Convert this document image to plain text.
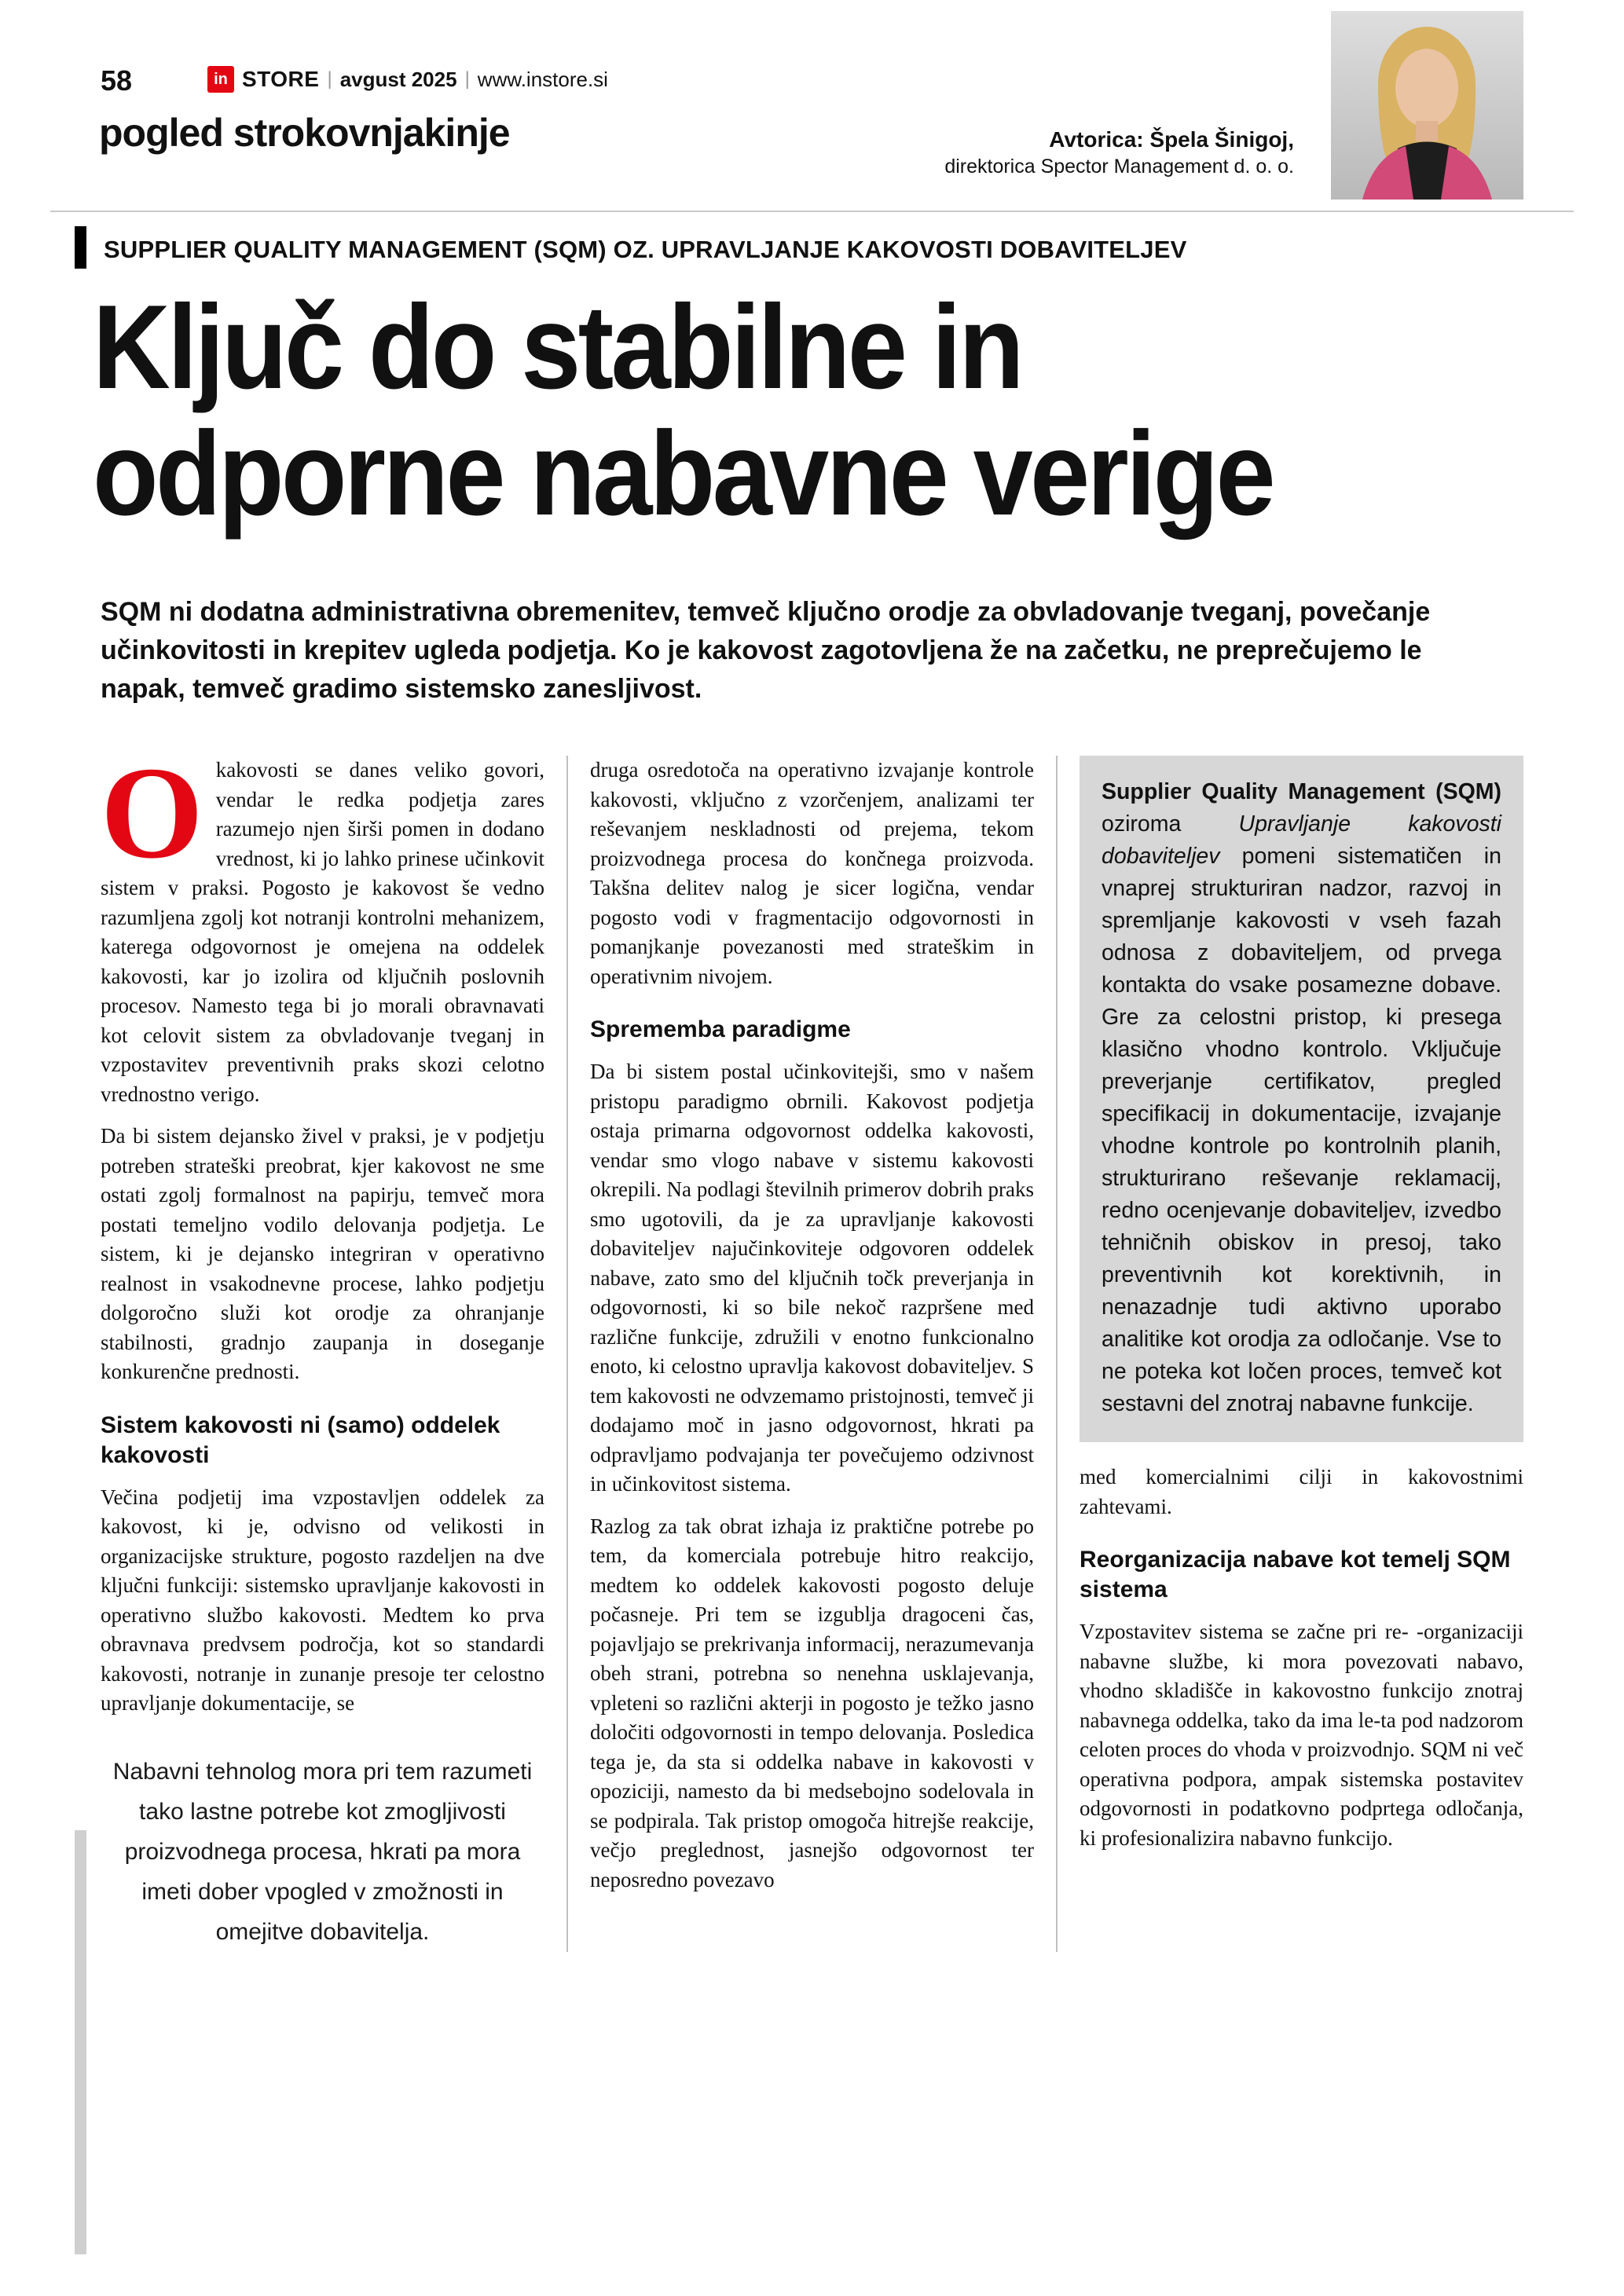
58	in STORE | avgust 2025 | www.instore.si
pogled strokovnjakinje	Avtorica: Špela Šinigoj,
direktorica Spector Management d. o. o.
SUPPLIER QUALITY MANAGEMENT (SQM) OZ. UPRAVLJANJE KAKOVOSTI DOBAVITELJEV
Ključ do stabilne in
odporne nabavne verige

SQM ni dodatna administrativna obremenitev, temveč ključno orodje za obvladovanje tveganj, povečanje učinkovitosti in krepitev ugleda podjetja. Ko je kakovost zagotovljena že na začetku, ne preprečujemo le napak, temveč gradimo sistemsko zanesljivost.

Okakovosti se danes veliko govori, vendar le redka podjetja zares razumejo njen širši pomen in dodano vrednost, ki jo lahko prinese učinkovit sistem v praksi. Pogosto je kakovost še vedno razumljena zgolj kot notranji kontrolni mehanizem, katerega odgovornost je omejena na oddelek kakovosti, kar jo izolira od ključnih poslovnih procesov. Namesto tega bi jo morali obravnavati kot celovit sistem za obvladovanje tveganj in vzpostavitev preventivnih praks skozi celotno vrednostno verigo.

Da bi sistem dejansko živel v praksi, je v podjetju potreben strateški preobrat, kjer kakovost ne sme ostati zgolj formalnost na papirju, temveč mora postati temeljno vodilo delovanja podjetja. Le sistem, ki je dejansko integriran v operativno realnost in vsakodnevne procese, lahko podjetju dolgoročno služi kot orodje za ohranjanje stabilnosti, gradnjo zaupanja in doseganje konkurenčne prednosti.

Sistem kakovosti ni (samo) oddelek kakovosti

Večina podjetij ima vzpostavljen oddelek za kakovost, ki je, odvisno od velikosti in organizacijske strukture, pogosto razdeljen na dve ključni funkciji: sistemsko upravljanje kakovosti in operativno službo kakovosti. Medtem ko prva obravnava predvsem področja, kot so standardi kakovosti, notranje in zunanje presoje ter celostno upravljanje dokumentacije, se

Nabavni tehnolog mora pri tem razumeti tako lastne potrebe kot zmogljivosti proizvodnega procesa, hkrati pa mora imeti dober vpogled v zmožnosti in omejitve dobavitelja.

druga osredotoča na operativno izvajanje kontrole kakovosti, vključno z vzorčenjem, analizami ter reševanjem neskladnosti od prejema, tekom proizvodnega procesa do končnega proizvoda. Takšna delitev nalog je sicer logična, vendar pogosto vodi v fragmentacijo odgovornosti in pomanjkanje povezanosti med strateškim in operativnim nivojem.

Sprememba paradigme

Da bi sistem postal učinkovitejši, smo v našem pristopu paradigmo obrnili. Kakovost podjetja ostaja primarna odgovornost oddelka kakovosti, vendar smo vlogo nabave v sistemu kakovosti okrepili. Na podlagi številnih primerov dobrih praks smo ugotovili, da je za upravljanje kakovosti dobaviteljev najučinkoviteje odgovoren oddelek nabave, zato smo del ključnih točk preverjanja in odgovornosti, ki so bile nekoč razpršene med različne funkcije, združili v enotno funkcionalno enoto, ki celostno upravlja kakovost dobaviteljev. S tem kakovosti ne odvzemamo pristojnosti, temveč ji dodajamo moč in jasno odgovornost, hkrati pa odpravljamo podvajanja ter povečujemo odzivnost in učinkovitost sistema.

Razlog za tak obrat izhaja iz praktične potrebe po tem, da komerciala potrebuje hitro reakcijo, medtem ko oddelek kakovosti pogosto deluje počasneje. Pri tem se izgublja dragoceni čas, pojavljajo se prekrivanja informacij, nerazumevanja obeh strani, potrebna so nenehna usklajevanja, vpleteni so različni akterji in pogosto je težko jasno določiti odgovornosti in tempo delovanja. Posledica tega je, da sta si oddelka nabave in kakovosti v opoziciji, namesto da bi medsebojno sodelovala in se podpirala. Tak pristop omogoča hitrejše reakcije, večjo preglednost, jasnejšo odgovornost ter neposredno povezavo

Supplier Quality Management (SQM) oziroma Upravljanje kakovosti dobaviteljev pomeni sistematičen in vnaprej strukturiran nadzor, razvoj in spremljanje kakovosti v vseh fazah odnosa z dobaviteljem, od prvega kontakta do vsake posamezne dobave. Gre za celostni pristop, ki presega klasično vhodno kontrolo. Vključuje preverjanje certifikatov, pregled specifikacij in dokumentacije, izvajanje vhodne kontrole po kontrolnih planih, strukturirano reševanje reklamacij, redno ocenjevanje dobaviteljev, izvedbo tehničnih obiskov in presoj, tako preventivnih kot korektivnih, in nenazadnje tudi aktivno uporabo analitike kot orodja za odločanje. Vse to ne poteka kot ločen proces, temveč kot sestavni del znotraj nabavne funkcije.

med komercialnimi cilji in kakovostnimi zahtevami.

Reorganizacija nabave kot temelj SQM sistema

Vzpostavitev sistema se začne pri re- -organizaciji nabavne službe, ki mora povezovati nabavo, vhodno skladišče in kakovostno funkcijo znotraj nabavnega oddelka, tako da ima le-ta pod nadzorom celoten proces do vhoda v proizvodnjo. SQM ni več operativna podpora, ampak sistemska postavitev odgovornosti in podatkovno podprtega odločanja, ki profesionalizira nabavno funkcijo.
